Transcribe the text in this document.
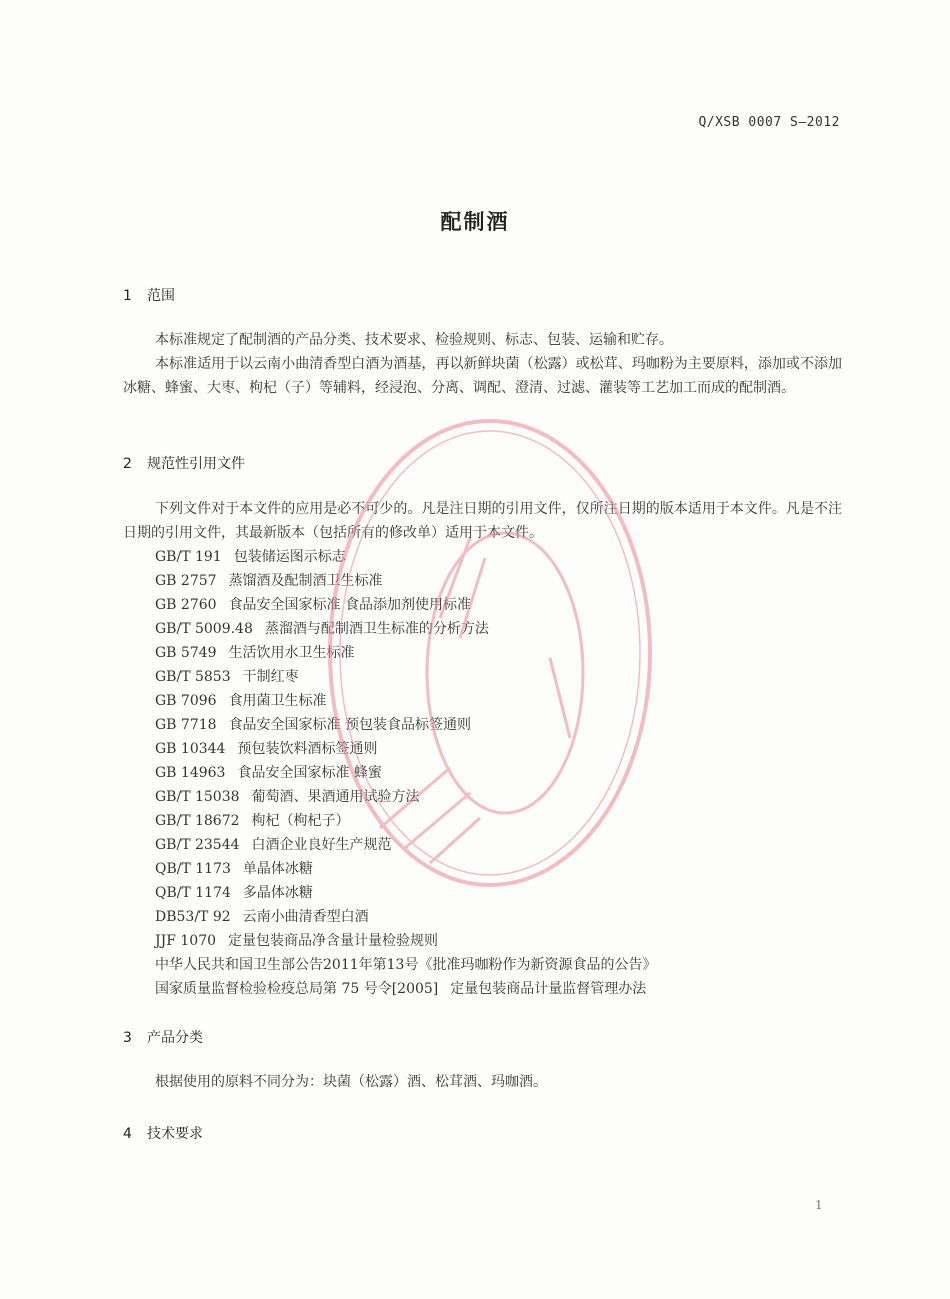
Q/XSB 0007 S—2012
配制酒
1 范围
本标准规定了配制酒的产品分类、技术要求、检验规则、标志、包装、运输和贮存。
本标准适用于以云南小曲清香型白酒为酒基，再以新鲜块菌（松露）或松茸、玛咖粉为主要原料，添加或不添加冰糖、蜂蜜、大枣、枸杞（子）等辅料，经浸泡、分离、调配、澄清、过滤、灌装等工艺加工而成的配制酒。
2 规范性引用文件
下列文件对于本文件的应用是必不可少的。凡是注日期的引用文件，仅所注日期的版本适用于本文件。凡是不注日期的引用文件，其最新版本（包括所有的修改单）适用于本文件。
GB/T 191 包装储运图示标志
GB 2757 蒸馏酒及配制酒卫生标准
GB 2760 食品安全国家标准 食品添加剂使用标准
GB/T 5009.48 蒸溜酒与配制酒卫生标准的分析方法
GB 5749 生活饮用水卫生标准
GB/T 5853 干制红枣
GB 7096 食用菌卫生标准
GB 7718 食品安全国家标准 预包装食品标签通则
GB 10344 预包装饮料酒标签通则
GB 14963 食品安全国家标准 蜂蜜
GB/T 15038 葡萄酒、果酒通用试验方法
GB/T 18672 枸杞（枸杞子）
GB/T 23544 白酒企业良好生产规范
QB/T 1173 单晶体冰糖
QB/T 1174 多晶体冰糖
DB53/T 92 云南小曲清香型白酒
JJF 1070 定量包装商品净含量计量检验规则
中华人民共和国卫生部公告2011年第13号《批准玛咖粉作为新资源食品的公告》
国家质量监督检验检疫总局第 75 号令[2005] 定量包装商品计量监督管理办法
3 产品分类
根据使用的原料不同分为：块菌（松露）酒、松茸酒、玛咖酒。
4 技术要求
1
